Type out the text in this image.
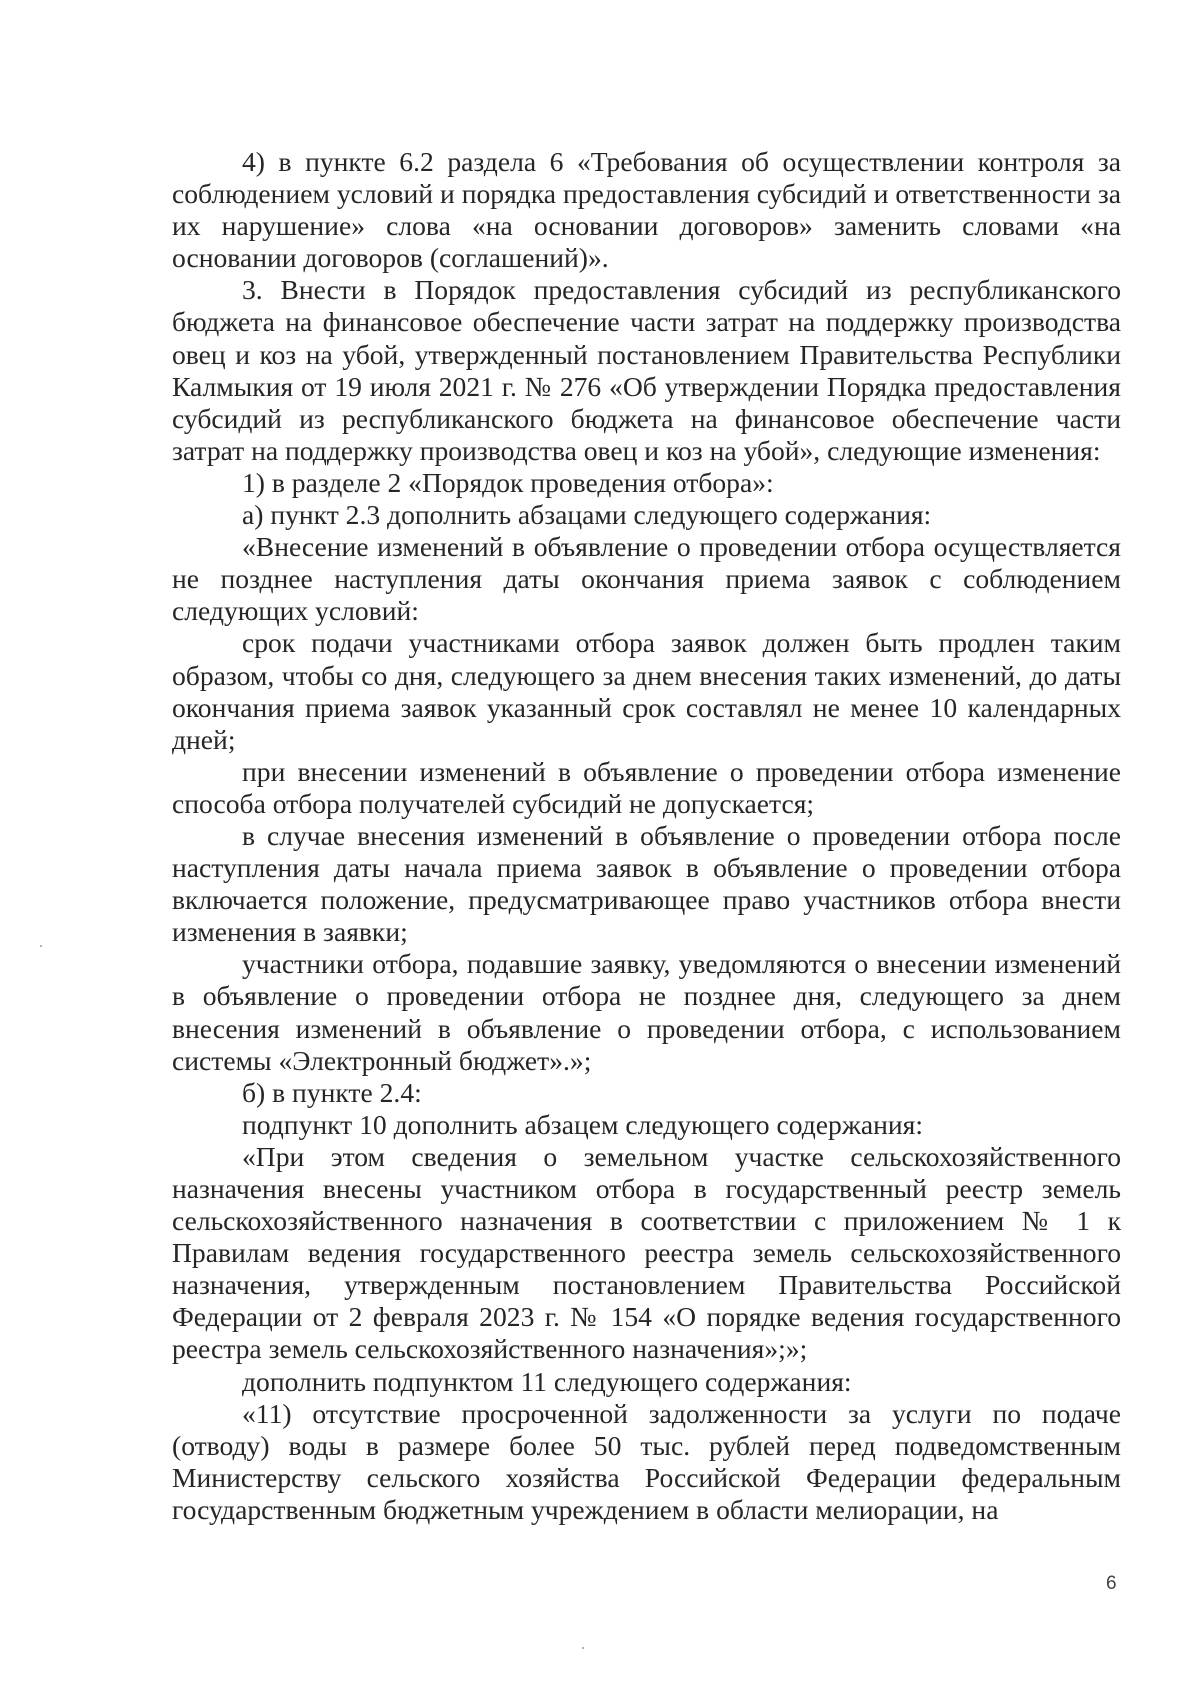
4) в пункте 6.2 раздела 6 «Требования об осуществлении контроля за соблюдением условий и порядка предоставления субсидий и ответственности за их нарушение» слова «на основании договоров» заменить словами «на основании договоров (соглашений)».

3. Внести в Порядок предоставления субсидий из республиканского бюджета на финансовое обеспечение части затрат на поддержку производства овец и коз на убой, утвержденный постановлением Правительства Республики Калмыкия от 19 июля 2021 г. № 276 «Об утверждении Порядка предоставления субсидий из республиканского бюджета на финансовое обеспечение части затрат на поддержку производства овец и коз на убой», следующие изменения:

1) в разделе 2 «Порядок проведения отбора»:

а) пункт 2.3 дополнить абзацами следующего содержания:

«Внесение изменений в объявление о проведении отбора осуществляется не позднее наступления даты окончания приема заявок с соблюдением следующих условий:

срок подачи участниками отбора заявок должен быть продлен таким образом, чтобы со дня, следующего за днем внесения таких изменений, до даты окончания приема заявок указанный срок составлял не менее 10 календарных дней;

при внесении изменений в объявление о проведении отбора изменение способа отбора получателей субсидий не допускается;

в случае внесения изменений в объявление о проведении отбора после наступления даты начала приема заявок в объявление о проведении отбора включается положение, предусматривающее право участников отбора внести изменения в заявки;

участники отбора, подавшие заявку, уведомляются о внесении изменений в объявление о проведении отбора не позднее дня, следующего за днем внесения изменений в объявление о проведении отбора, с использованием системы «Электронный бюджет».»;

б) в пункте 2.4:

подпункт 10 дополнить абзацем следующего содержания:

«При этом сведения о земельном участке сельскохозяйственного назначения внесены участником отбора в государственный реестр земель сельскохозяйственного назначения в соответствии с приложением № 1 к Правилам ведения государственного реестра земель сельскохозяйственного назначения, утвержденным постановлением Правительства Российской Федерации от 2 февраля 2023 г. № 154 «О порядке ведения государственного реестра земель сельскохозяйственного назначения»;»;

дополнить подпунктом 11 следующего содержания:

«11) отсутствие просроченной задолженности за услуги по подаче (отводу) воды в размере более 50 тыс. рублей перед подведомственным Министерству сельского хозяйства Российской Федерации федеральным государственным бюджетным учреждением в области мелиорации, на

6
